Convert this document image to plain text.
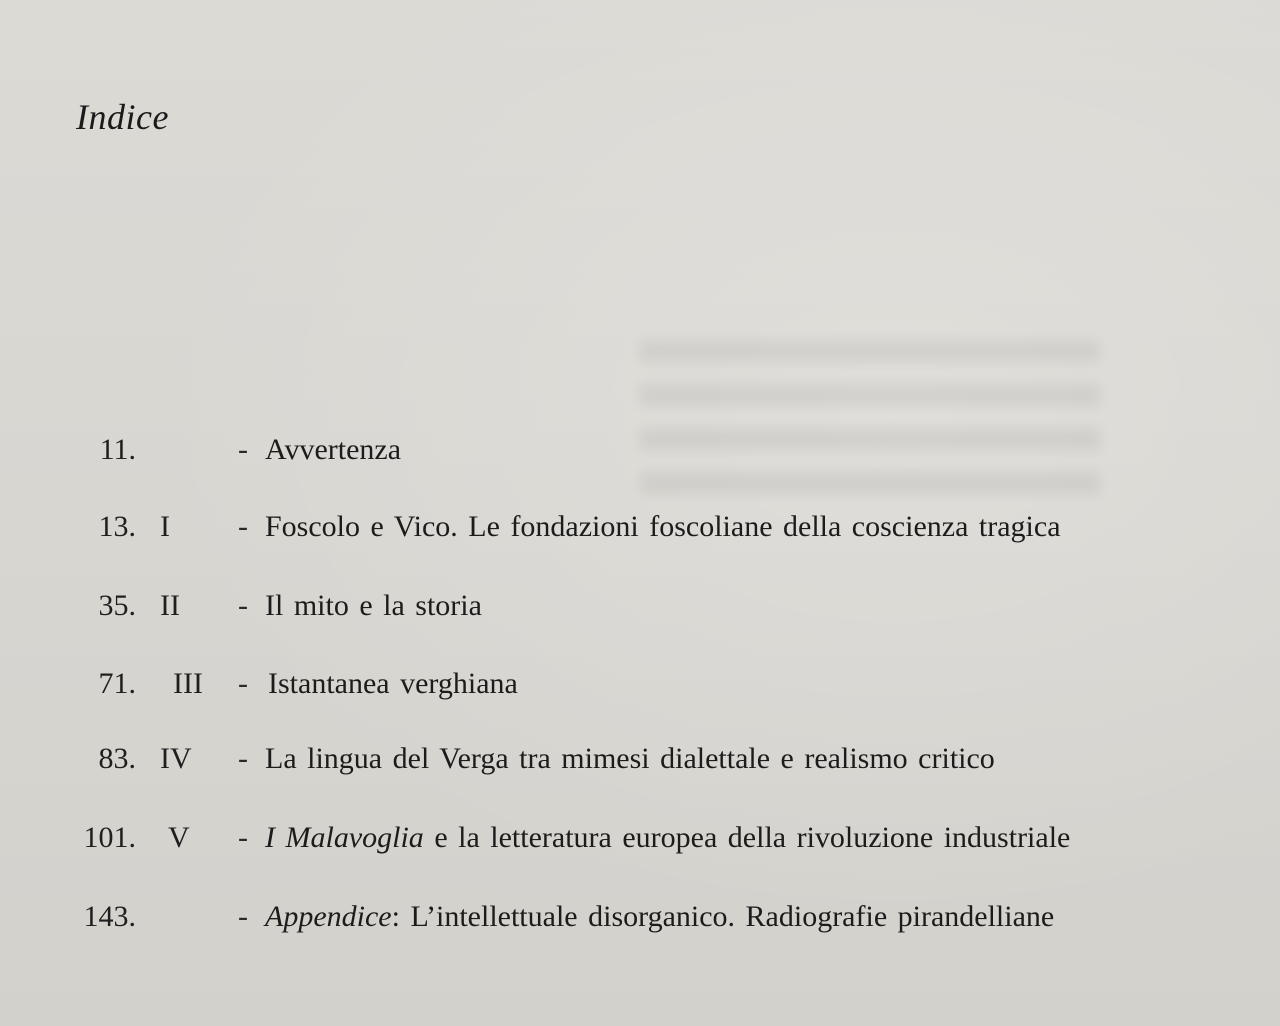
Indice
11.	- Avvertenza
13. I	- Foscolo e Vico. Le fondazioni foscoliane della coscienza tragica
35. II	- Il mito e la storia
71. III	- Istantanea verghiana
83. IV	- La lingua del Verga tra mimesi dialettale e realismo critico
101. V	- I Malavoglia e la letteratura europea della rivoluzione industriale
143.	- Appendice: L’intellettuale disorganico. Radiografie pirandelliane
